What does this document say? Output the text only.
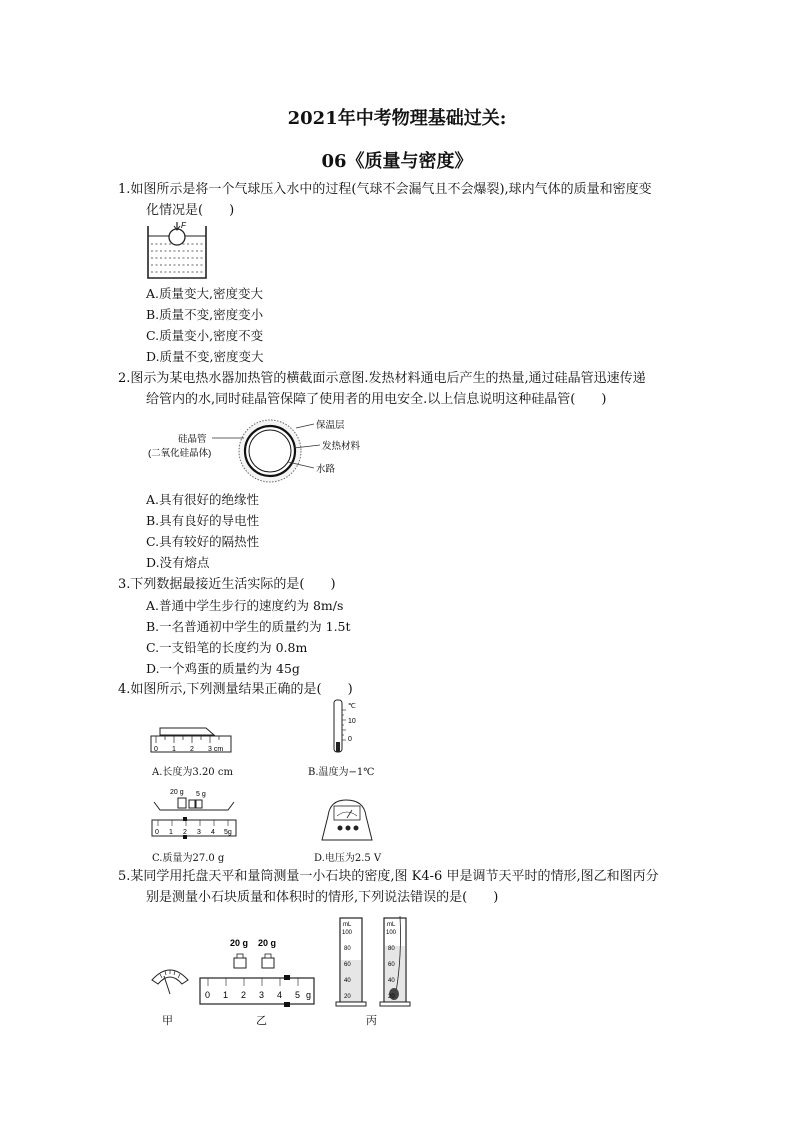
2021年中考物理基础过关:
06《质量与密度》
1.如图所示是将一个气球压入水中的过程(气球不会漏气且不会爆裂),球内气体的质量和密度变
化情况是(　　)
F
A.质量变大,密度变大
B.质量不变,密度变小
C.质量变小,密度不变
D.质量不变,密度变大
2.图示为某电热水器加热管的横截面示意图.发热材料通电后产生的热量,通过硅晶管迅速传递
给管内的水,同时硅晶管保障了使用者的用电安全.以上信息说明这种硅晶管(　　)
硅晶管
(二氧化硅晶体)
保温层
发热材料
水路
A.具有很好的绝缘性
B.具有良好的导电性
C.具有较好的隔热性
D.没有熔点
3.下列数据最接近生活实际的是(　　)
A.普通中学生步行的速度约为 8m/s
B.一名普通初中学生的质量约为 1.5t
C.一支铅笔的长度约为 0.8m
D.一个鸡蛋的质量约为 45g
4.如图所示,下列测量结果正确的是(　　)
0 1 2 3 cm
A.长度为3.20 cm
℃
10
0
B.温度为−1℃
20 g 5 g
0 1 2 3 4 5g
C.质量为27.0 g	D.电压为2.5 V
5.某同学用托盘天平和量筒测量一小石块的密度,图 K4-6 甲是调节天平时的情形,图乙和图丙分
别是测量小石块质量和体积时的情形,下列说法错误的是(　　)
甲
20 g 20 g
0 1 2 3 4 5 g
乙
mL
100
80
60
40
20
mL
100
80
60
40
20
丙
